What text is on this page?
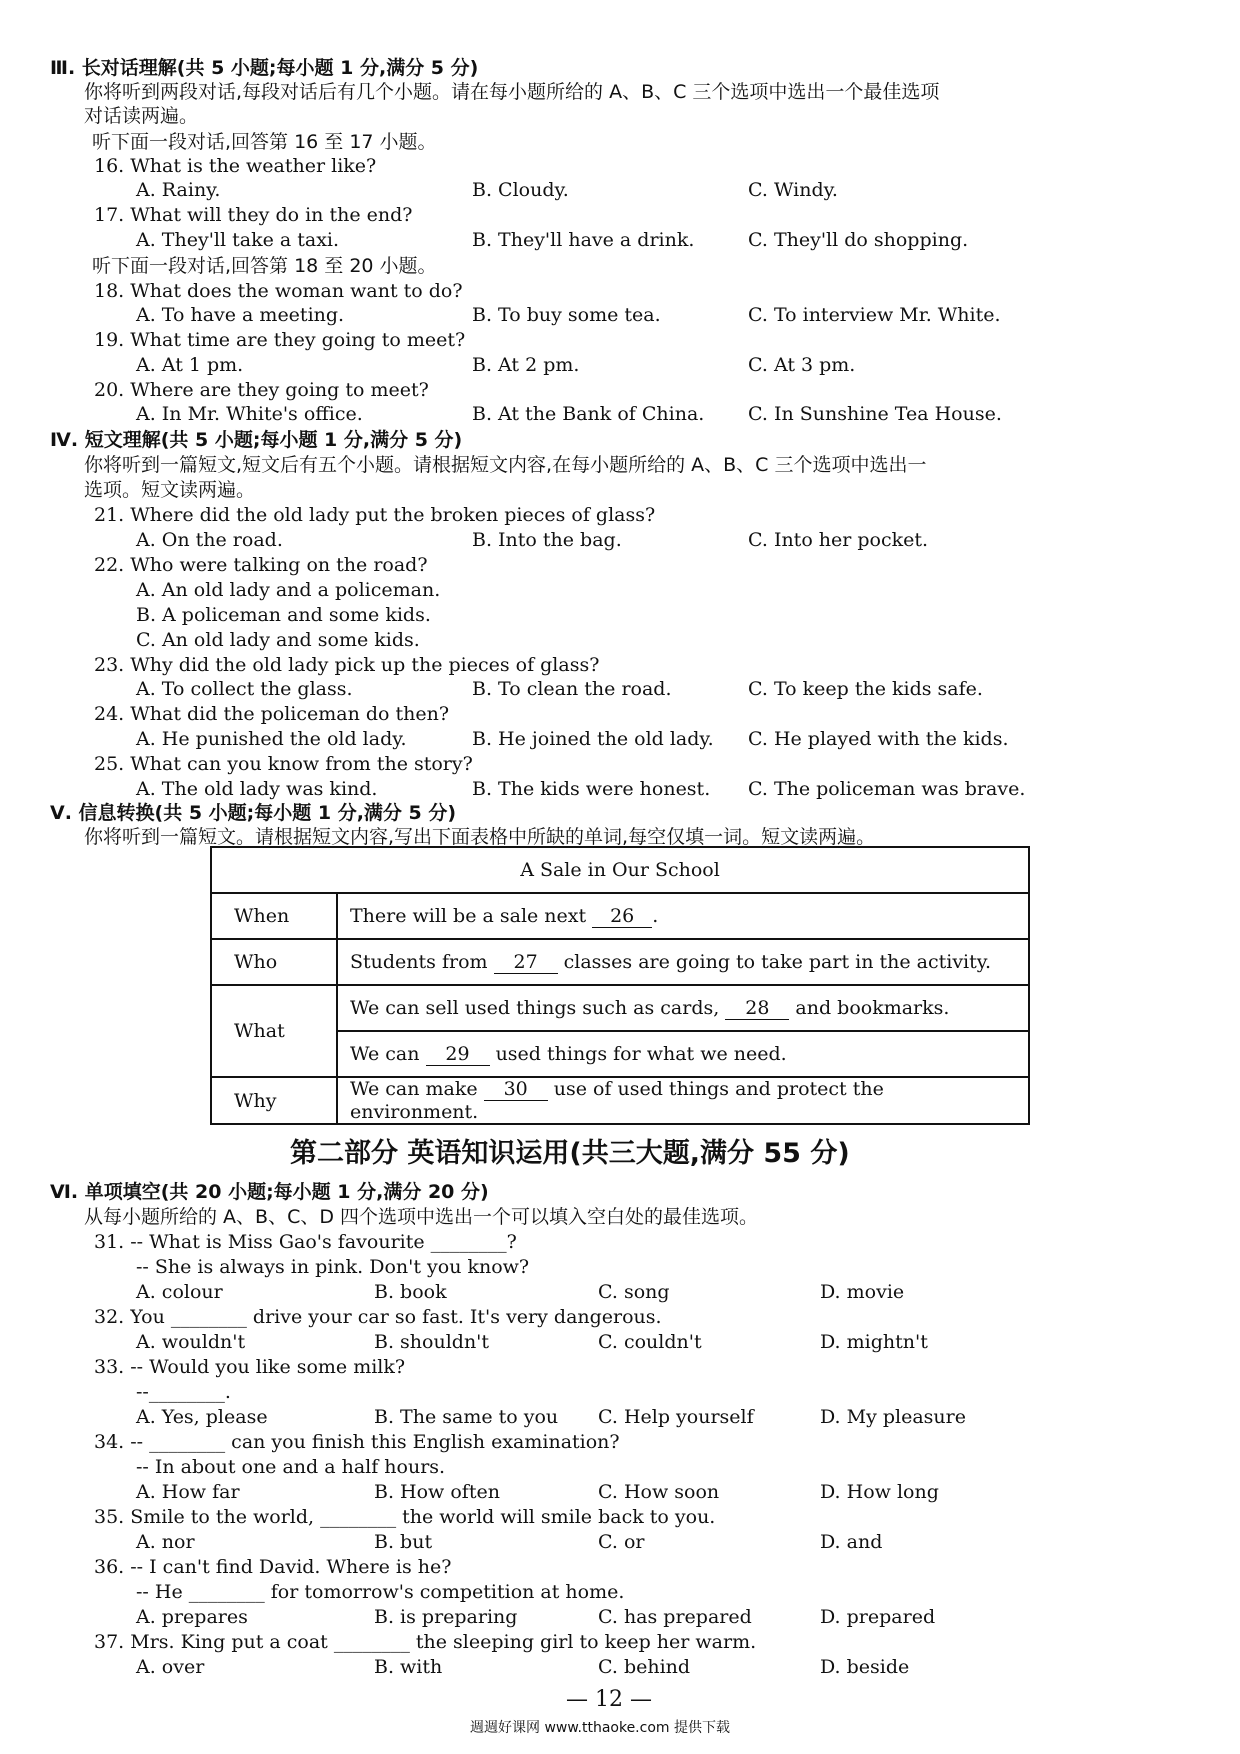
Ⅲ. 长对话理解(共 5 小题;每小题 1 分,满分 5 分)
你将听到两段对话,每段对话后有几个小题。请在每小题所给的 A、B、C 三个选项中选出一个最佳选项
对话读两遍。
听下面一段对话,回答第 16 至 17 小题。
16. What is the weather like?
A. Rainy.	B. Cloudy.	C. Windy.
17. What will they do in the end?
A. They'll take a taxi.	B. They'll have a drink.	C. They'll do shopping.
听下面一段对话,回答第 18 至 20 小题。
18. What does the woman want to do?
A. To have a meeting.	B. To buy some tea.	C. To interview Mr. White.
19. What time are they going to meet?
A. At 1 pm.	B. At 2 pm.	C. At 3 pm.
20. Where are they going to meet?
A. In Mr. White's office.	B. At the Bank of China. C. In Sunshine Tea House.
Ⅳ. 短文理解(共 5 小题;每小题 1 分,满分 5 分)
你将听到一篇短文,短文后有五个小题。请根据短文内容,在每小题所给的 A、B、C 三个选项中选出一
选项。短文读两遍。
21. Where did the old lady put the broken pieces of glass?
A. On the road.	B. Into the bag.	C. Into her pocket.
22. Who were talking on the road?
A. An old lady and a policeman.
B. A policeman and some kids.
C. An old lady and some kids.
23. Why did the old lady pick up the pieces of glass?
A. To collect the glass.	B. To clean the road.	C. To keep the kids safe.
24. What did the policeman do then?
A. He punished the old lady.	B. He joined the old lady. C. He played with the kids.
25. What can you know from the story?
A. The old lady was kind.	B. The kids were honest. C. The policeman was brave.
Ⅴ. 信息转换(共 5 小题;每小题 1 分,满分 5 分)
你将听到一篇短文。请根据短文内容,写出下面表格中所缺的单词,每空仅填一词。短文读两遍。
A Sale in Our School	
When	There will be a sale next 26 .
Who	Students from 27 classes are going to take part in the activity.
What	We can sell used things such as cards, 28 and bookmarks.
	We can 29 used things for what we need.
Why	We can make 30 use of used things and protect the environment.
第二部分 英语知识运用(共三大题,满分 55 分)
Ⅵ. 单项填空(共 20 小题;每小题 1 分,满分 20 分)
从每小题所给的 A、B、C、D 四个选项中选出一个可以填入空白处的最佳选项。
31. -- What is Miss Gao's favourite ________?
-- She is always in pink. Don't you know?
A. colour	B. book	C. song	D. movie
32. You ________ drive your car so fast. It's very dangerous.
A. wouldn't	B. shouldn't	C. couldn't	D. mightn't
33. -- Would you like some milk?
--________.
A. Yes, please	B. The same to you C. Help yourself	D. My pleasure
34. -- ________ can you finish this English examination?
-- In about one and a half hours.
A. How far	B. How often	C. How soon	D. How long
35. Smile to the world, ________ the world will smile back to you.
A. nor	B. but	C. or	D. and
36. -- I can't find David. Where is he?
-- He ________ for tomorrow's competition at home.
A. prepares	B. is preparing	C. has prepared	D. prepared
37. Mrs. King put a coat ________ the sleeping girl to keep her warm.
A. over	B. with	C. behind	D. beside
— 12 —
週週好课网 www.tthaoke.com 提供下载
